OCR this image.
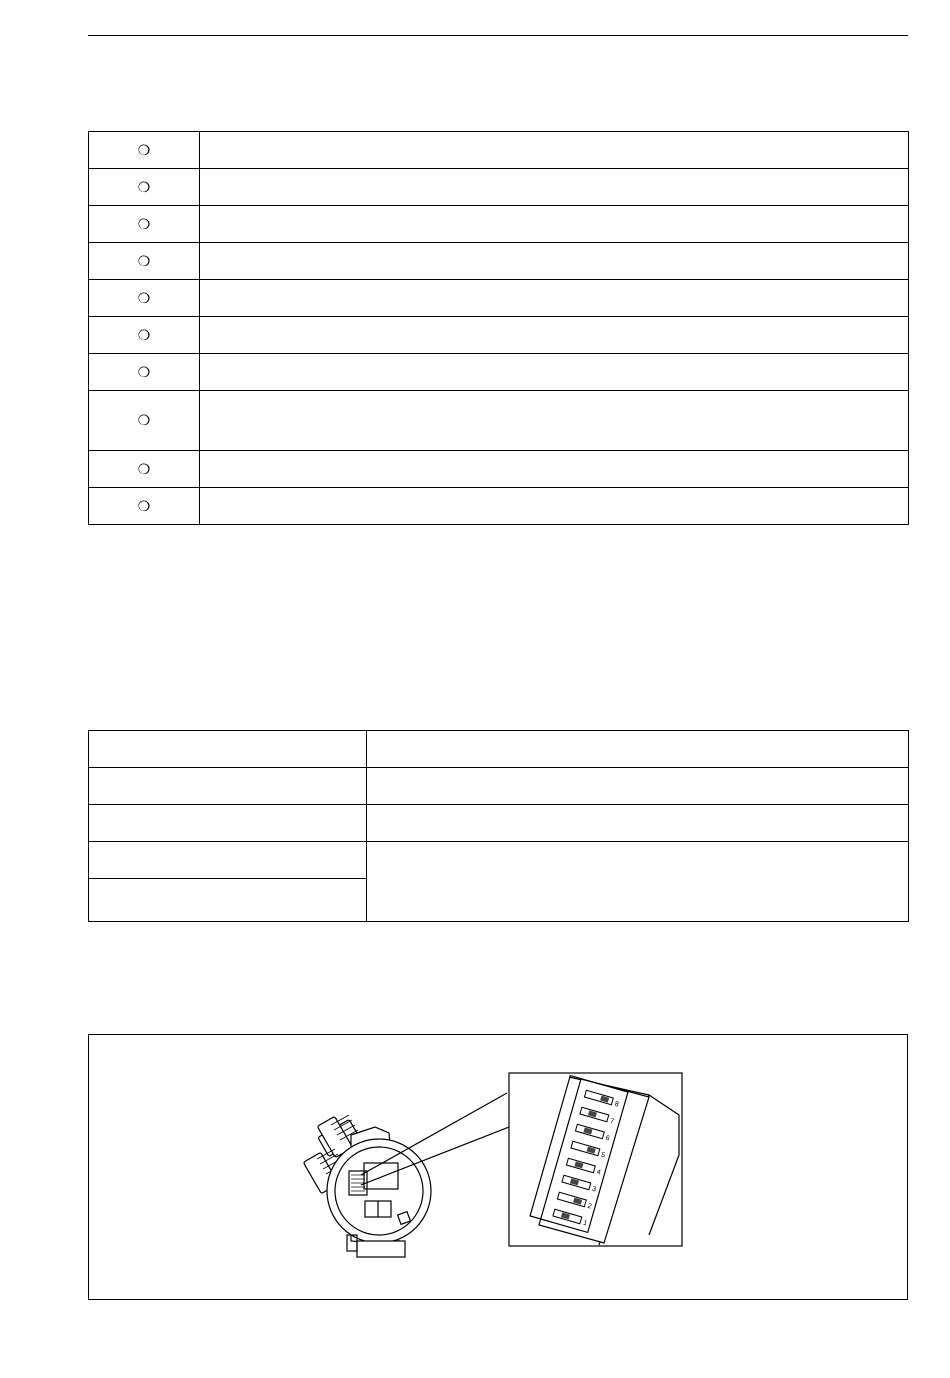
❍	
❍	
❍	
❍	
❍	
❍	
❍	
❍	
❍	
❍	

8
7
6
5
4
3
2
1
